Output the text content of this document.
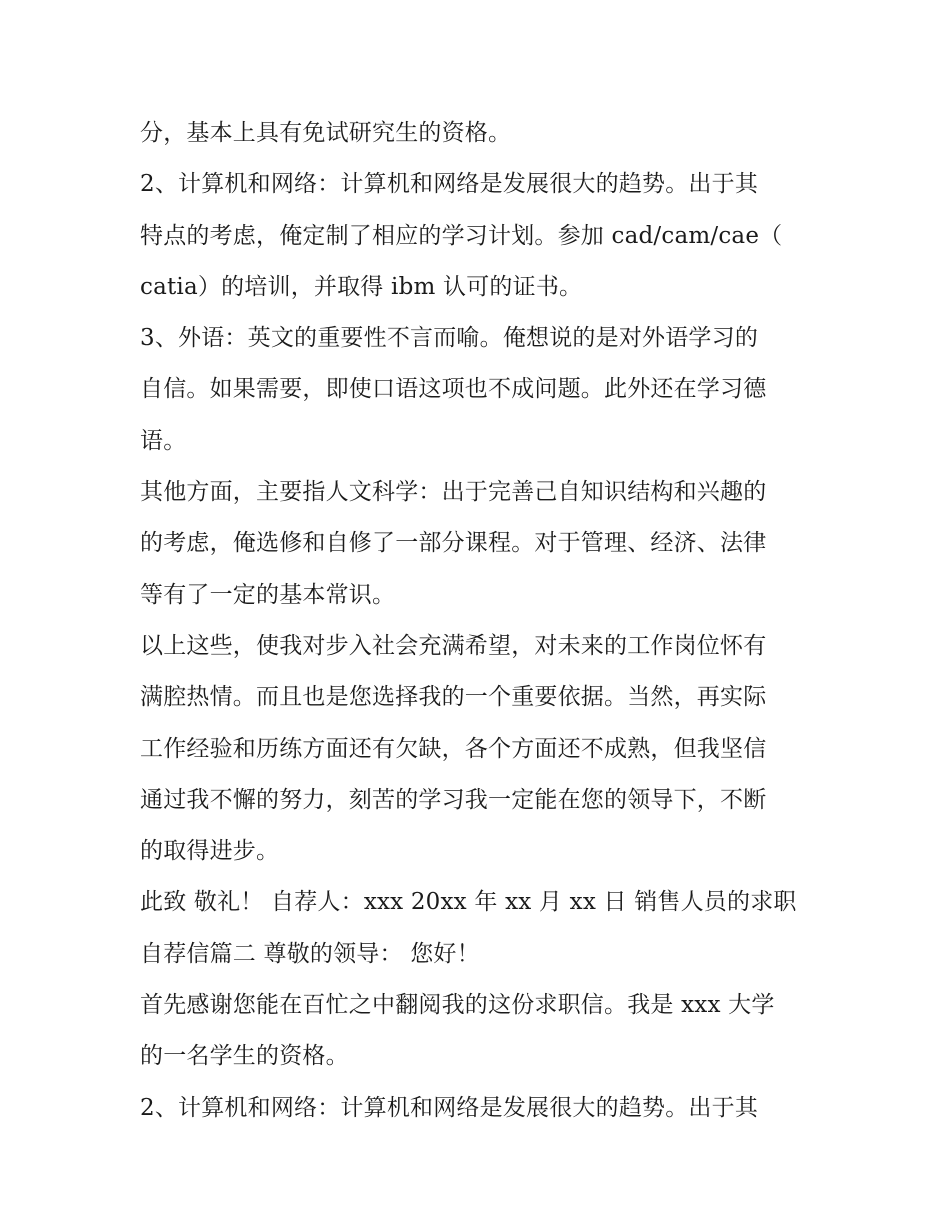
分，基本上具有免试研究生的资格。
2、计算机和网络：计算机和网络是发展很大的趋势。出于其
特点的考虑，俺定制了相应的学习计划。参加 cad/cam/cae（
catia）的培训，并取得 ibm 认可的证书。
3、外语：英文的重要性不言而喻。俺想说的是对外语学习的
自信。如果需要，即使口语这项也不成问题。此外还在学习德
语。
其他方面，主要指人文科学：出于完善己自知识结构和兴趣的
的考虑，俺选修和自修了一部分课程。对于管理、经济、法律
等有了一定的基本常识。
以上这些，使我对步入社会充满希望，对未来的工作岗位怀有
满腔热情。而且也是您选择我的一个重要依据。当然，再实际
工作经验和历练方面还有欠缺，各个方面还不成熟，但我坚信
通过我不懈的努力，刻苦的学习我一定能在您的领导下，不断
的取得进步。
此致 敬礼！ 自荐人：xxx 20xx 年 xx 月 xx 日 销售人员的求职
自荐信篇二 尊敬的领导： 您好！
首先感谢您能在百忙之中翻阅我的这份求职信。我是 xxx 大学
的一名学生的资格。
2、计算机和网络：计算机和网络是发展很大的趋势。出于其
